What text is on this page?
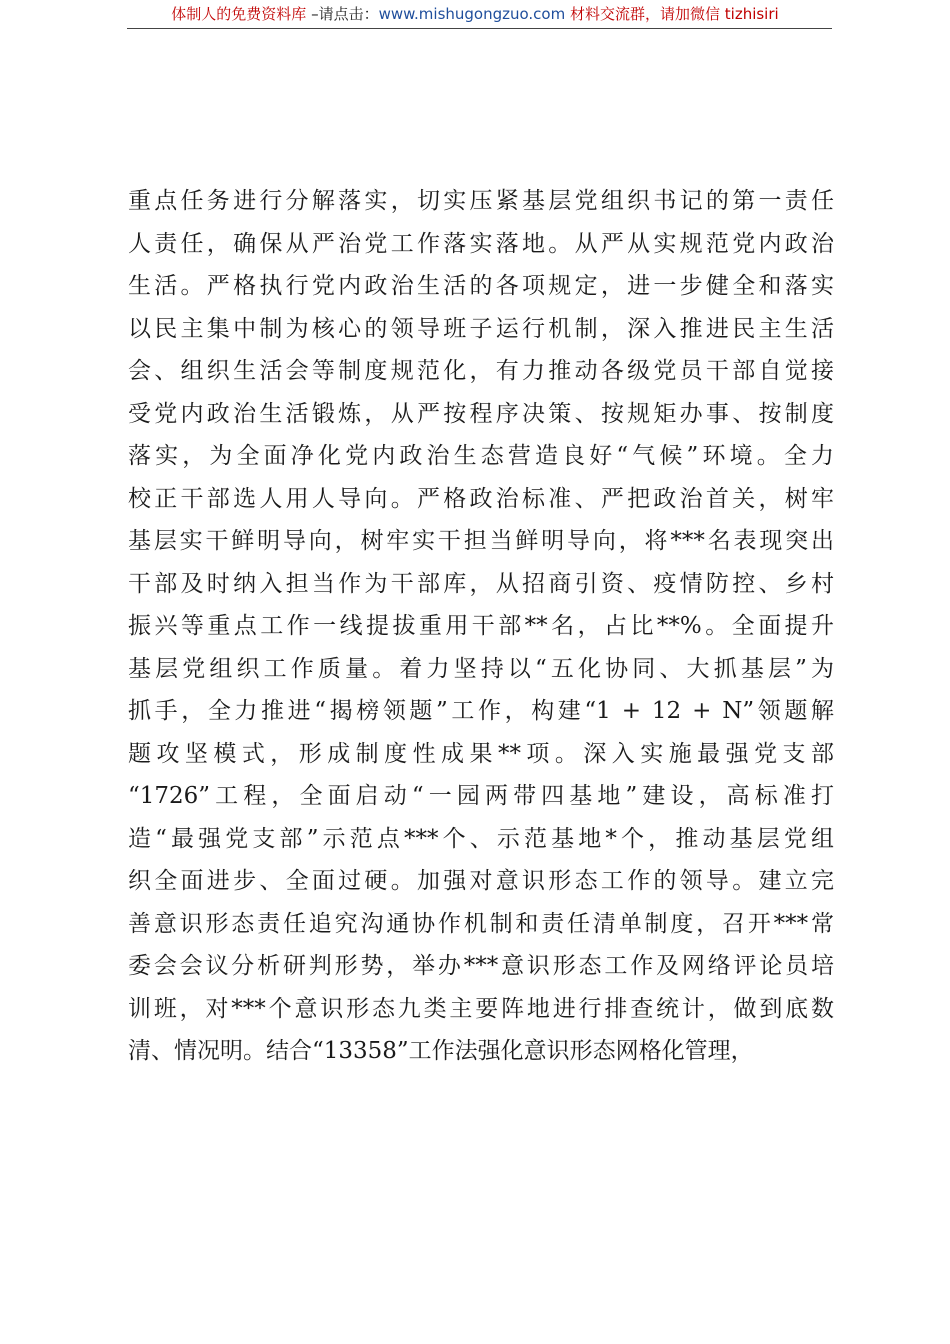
体制人的免费资料库 –请点击：www.mishugongzuo.com 材料交流群，请加微信 tizhisiri
重点任务进行分解落实，切实压紧基层党组织书记的第一责任
人责任，确保从严治党工作落实落地。从严从实规范党内政治
生活。严格执行党内政治生活的各项规定，进一步健全和落实
以民主集中制为核心的领导班子运行机制，深入推进民主生活
会、组织生活会等制度规范化，有力推动各级党员干部自觉接
受党内政治生活锻炼，从严按程序决策、按规矩办事、按制度
落实，为全面净化党内政治生态营造良好“气候”环境。全力
校正干部选人用人导向。严格政治标准、严把政治首关，树牢
基层实干鲜明导向，树牢实干担当鲜明导向，将***名表现突出
干部及时纳入担当作为干部库，从招商引资、疫情防控、乡村
振兴等重点工作一线提拔重用干部**名，占比**%。全面提升
基层党组织工作质量。着力坚持以“五化协同、大抓基层”为
抓手，全力推进“揭榜领题”工作，构建“1 + 12 + N”领题解
题攻坚模式，形成制度性成果**项。深入实施最强党支部
“1726”工程，全面启动“一园两带四基地”建设，高标准打
造“最强党支部”示范点***个、示范基地*个，推动基层党组
织全面进步、全面过硬。加强对意识形态工作的领导。建立完
善意识形态责任追究沟通协作机制和责任清单制度，召开***常
委会会议分析研判形势，举办***意识形态工作及网络评论员培
训班，对***个意识形态九类主要阵地进行排查统计，做到底数
清、情况明。结合“13358”工作法强化意识形态网格化管理，
